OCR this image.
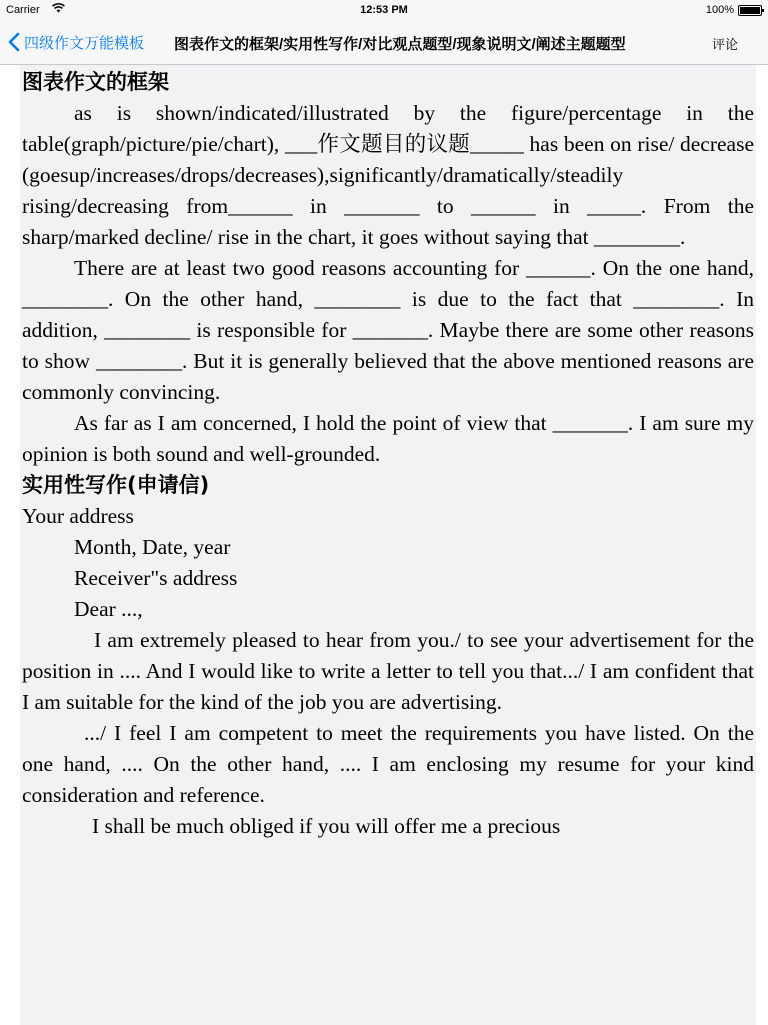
Carrier	12:53 PM	100%
四级作文万能模板 图表作文的框架/实用性写作/对比观点题型/现象说明文/阐述主题题型	评论
图表作文的框架

as is shown/indicated/illustrated by the figure/percentage in the table(graph/picture/pie/chart), ___作文题目的议题_____ has been on rise/ decrease (goesup/increases/drops/decreases),significantly/dramatically/steadily rising/decreasing from______ in _______ to ______ in _____. From the sharp/marked decline/ rise in the chart, it goes without saying that ________.

There are at least two good reasons accounting for ______. On the one hand, ________. On the other hand, ________ is due to the fact that ________. In addition, ________ is responsible for _______. Maybe there are some other reasons to show ________. But it is generally believed that the above mentioned reasons are commonly convincing.

As far as I am concerned, I hold the point of view that _______. I am sure my opinion is both sound and well-grounded.

实用性写作(申请信)

Your address

Month, Date, year

Receiver"s address

Dear ...,

I am extremely pleased to hear from you./ to see your advertisement for the position in .... And I would like to write a letter to tell you that.../ I am confident that I am suitable for the kind of the job you are advertising.

.../ I feel I am competent to meet the requirements you have listed. On the one hand, .... On the other hand, .... I am enclosing my resume for your kind consideration and reference.

I shall be much obliged if you will offer me a precious
